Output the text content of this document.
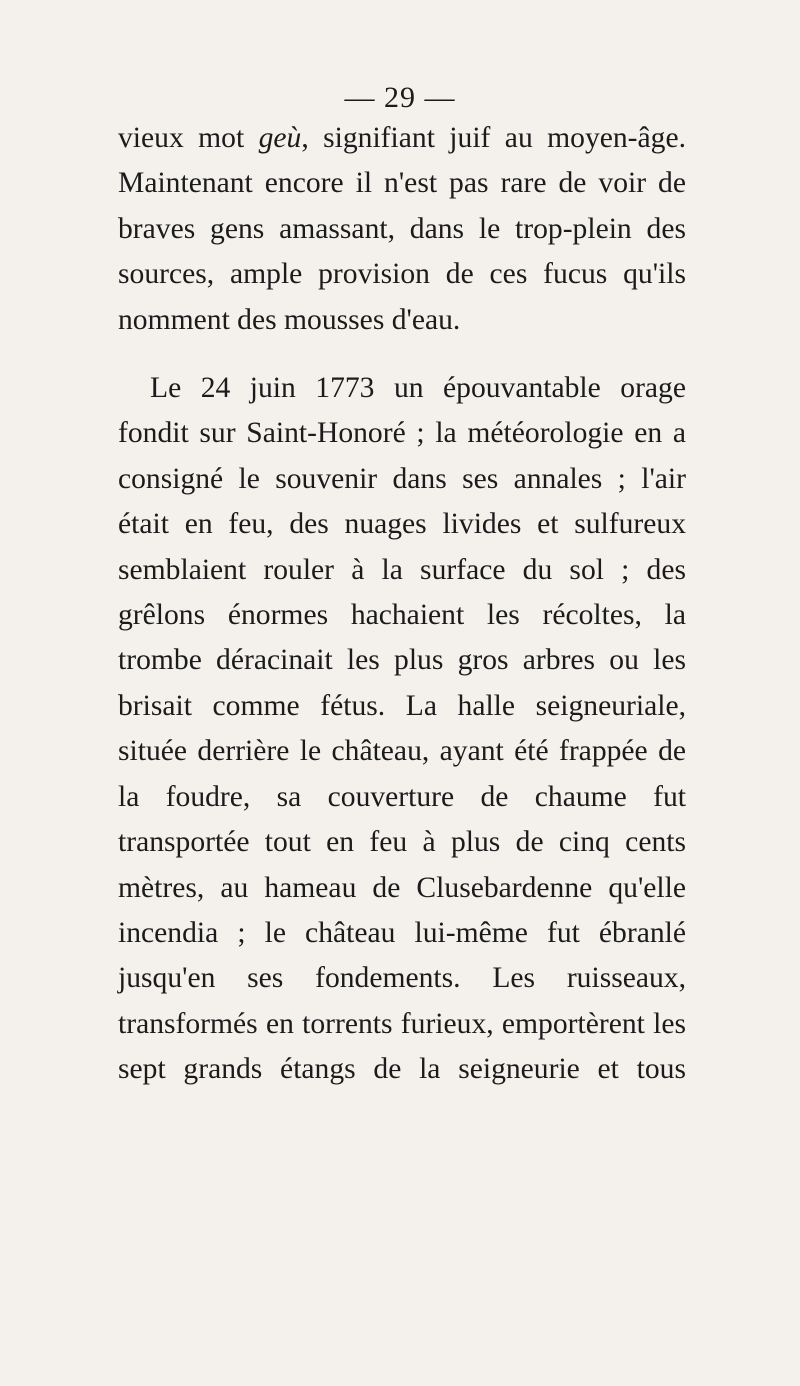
— 29 —

vieux mot geù, signifiant juif au moyen-âge. Maintenant encore il n'est pas rare de voir de braves gens amassant, dans le trop-plein des sources, ample provision de ces fucus qu'ils nomment des mousses d'eau.

Le 24 juin 1773 un épouvantable orage fondit sur Saint-Honoré ; la météorologie en a consigné le souvenir dans ses annales ; l'air était en feu, des nuages livides et sulfureux semblaient rouler à la surface du sol ; des grêlons énormes hachaient les récoltes, la trombe déracinait les plus gros arbres ou les brisait comme fétus. La halle seigneuriale, située derrière le château, ayant été frappée de la foudre, sa couverture de chaume fut transportée tout en feu à plus de cinq cents mètres, au hameau de Clusebardenne qu'elle incendia ; le château lui-même fut ébranlé jusqu'en ses fondements. Les ruisseaux, transformés en torrents furieux, emportèrent les sept grands étangs de la seigneurie et tous
